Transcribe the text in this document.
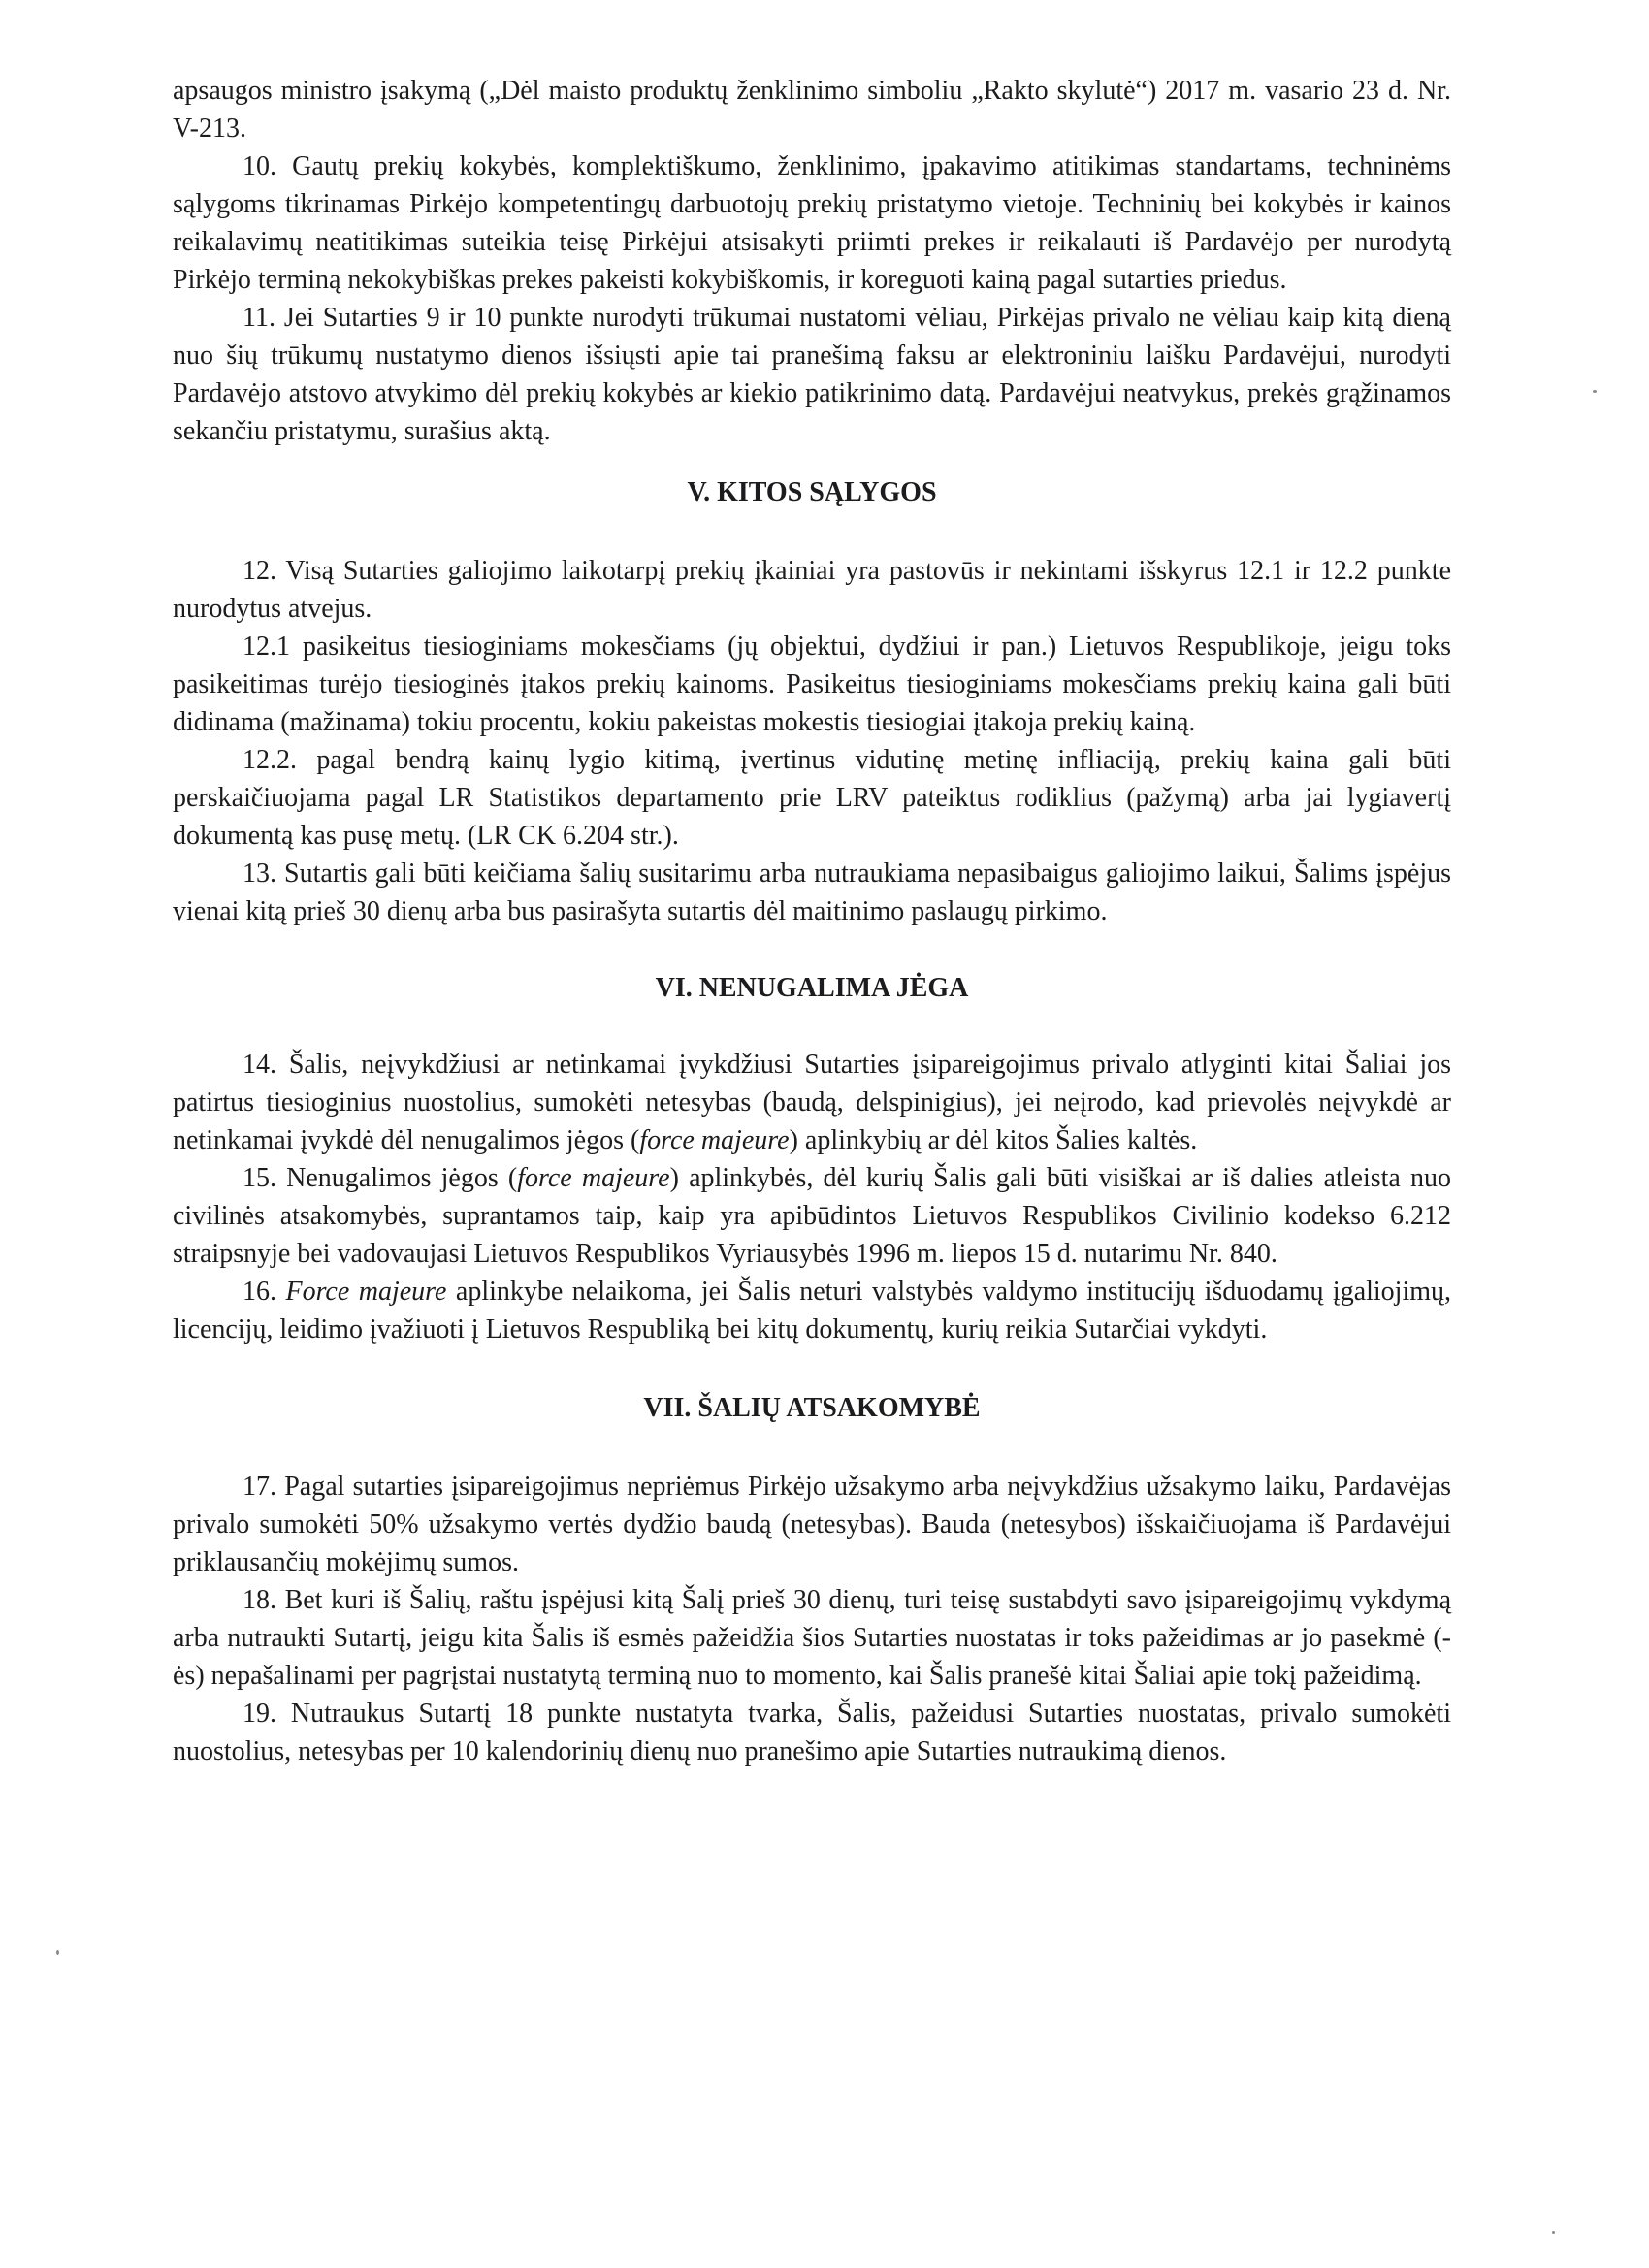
apsaugos ministro įsakymą („Dėl maisto produktų ženklinimo simboliu „Rakto skylutė“) 2017 m. vasario 23 d. Nr. V-213.

10. Gautų prekių kokybės, komplektiškumo, ženklinimo, įpakavimo atitikimas standartams, techninėms sąlygoms tikrinamas Pirkėjo kompetentingų darbuotojų prekių pristatymo vietoje. Techninių bei kokybės ir kainos reikalavimų neatitikimas suteikia teisę Pirkėjui atsisakyti priimti prekes ir reikalauti iš Pardavėjo per nurodytą Pirkėjo terminą nekokybiškas prekes pakeisti kokybiškomis, ir koreguoti kainą pagal sutarties priedus.

11. Jei Sutarties 9 ir 10 punkte nurodyti trūkumai nustatomi vėliau, Pirkėjas privalo ne vėliau kaip kitą dieną nuo šių trūkumų nustatymo dienos išsiųsti apie tai pranešimą faksu ar elektroniniu laišku Pardavėjui, nurodyti Pardavėjo atstovo atvykimo dėl prekių kokybės ar kiekio patikrinimo datą. Pardavėjui neatvykus, prekės grąžinamos sekančiu pristatymu, surašius aktą.

V. KITOS SĄLYGOS

12. Visą Sutarties galiojimo laikotarpį prekių įkainiai yra pastovūs ir nekintami išskyrus 12.1 ir 12.2 punkte nurodytus atvejus.

12.1 pasikeitus tiesioginiams mokesčiams (jų objektui, dydžiui ir pan.) Lietuvos Respublikoje, jeigu toks pasikeitimas turėjo tiesioginės įtakos prekių kainoms. Pasikeitus tiesioginiams mokesčiams prekių kaina gali būti didinama (mažinama) tokiu procentu, kokiu pakeistas mokestis tiesiogiai įtakoja prekių kainą.

12.2. pagal bendrą kainų lygio kitimą, įvertinus vidutinę metinę infliaciją, prekių kaina gali būti perskaičiuojama pagal LR Statistikos departamento prie LRV pateiktus rodiklius (pažymą) arba jai lygiavertį dokumentą kas pusę metų. (LR CK 6.204 str.).

13. Sutartis gali būti keičiama šalių susitarimu arba nutraukiama nepasibaigus galiojimo laikui, Šalims įspėjus vienai kitą prieš 30 dienų arba bus pasirašyta sutartis dėl maitinimo paslaugų pirkimo.

VI. NENUGALIMA JĖGA

14. Šalis, neįvykdžiusi ar netinkamai įvykdžiusi Sutarties įsipareigojimus privalo atlyginti kitai Šaliai jos patirtus tiesioginius nuostolius, sumokėti netesybas (baudą, delspinigius), jei neįrodo, kad prievolės neįvykdė ar netinkamai įvykdė dėl nenugalimos jėgos (force majeure) aplinkybių ar dėl kitos Šalies kaltės.

15. Nenugalimos jėgos (force majeure) aplinkybės, dėl kurių Šalis gali būti visiškai ar iš dalies atleista nuo civilinės atsakomybės, suprantamos taip, kaip yra apibūdintos Lietuvos Respublikos Civilinio kodekso 6.212 straipsnyje bei vadovaujasi Lietuvos Respublikos Vyriausybės 1996 m. liepos 15 d. nutarimu Nr. 840.

16. Force majeure aplinkybe nelaikoma, jei Šalis neturi valstybės valdymo institucijų išduodamų įgaliojimų, licencijų, leidimo įvažiuoti į Lietuvos Respubliką bei kitų dokumentų, kurių reikia Sutarčiai vykdyti.

VII. ŠALIŲ ATSAKOMYBĖ

17. Pagal sutarties įsipareigojimus nepriėmus Pirkėjo užsakymo arba neįvykdžius užsakymo laiku, Pardavėjas privalo sumokėti 50% užsakymo vertės dydžio baudą (netesybas). Bauda (netesybos) išskaičiuojama iš Pardavėjui priklausančių mokėjimų sumos.

18. Bet kuri iš Šalių, raštu įspėjusi kitą Šalį prieš 30 dienų, turi teisę sustabdyti savo įsipareigojimų vykdymą arba nutraukti Sutartį, jeigu kita Šalis iš esmės pažeidžia šios Sutarties nuostatas ir toks pažeidimas ar jo pasekmė (-ės) nepašalinami per pagrįstai nustatytą terminą nuo to momento, kai Šalis pranešė kitai Šaliai apie tokį pažeidimą.

19. Nutraukus Sutartį 18 punkte nustatyta tvarka, Šalis, pažeidusi Sutarties nuostatas, privalo sumokėti nuostolius, netesybas per 10 kalendorinių dienų nuo pranešimo apie Sutarties nutraukimą dienos.
